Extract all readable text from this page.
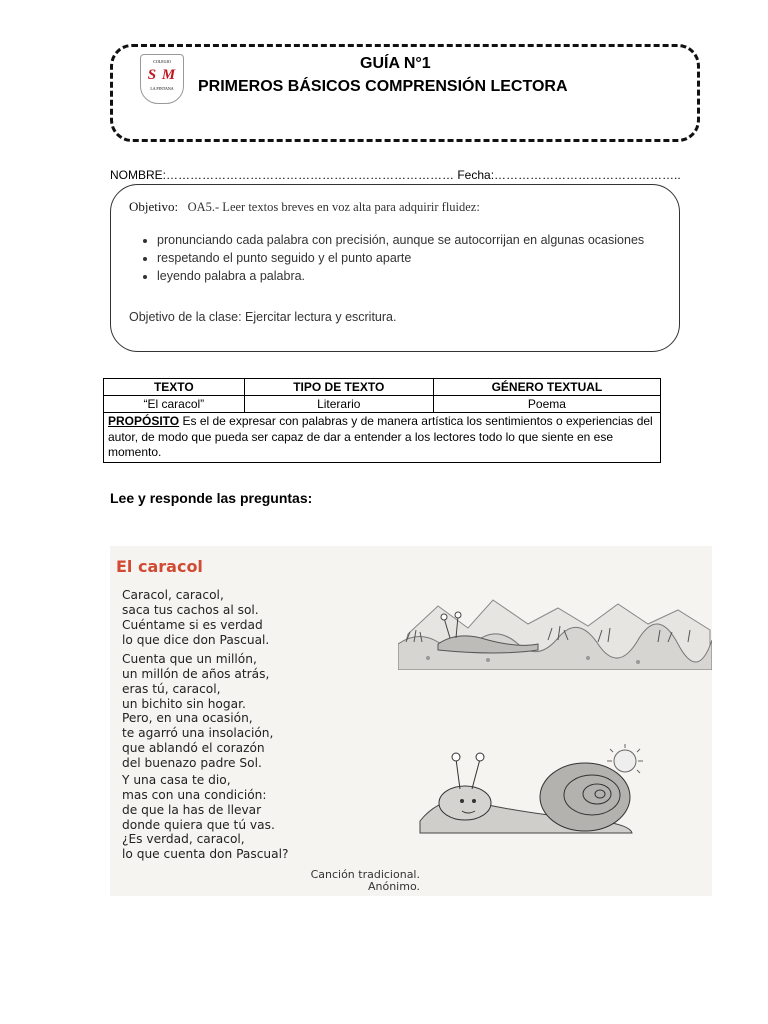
COLEGIO
S M
LA PINTANA
GUÍA N°1
PRIMEROS BÁSICOS COMPRENSIÓN LECTORA
NOMBRE:……………………………………………………………… Fecha:………………………………………..
Objetivo: OA5.- Leer textos breves en voz alta para adquirir fluidez:
• pronunciando cada palabra con precisión, aunque se autocorrijan en algunas ocasiones
• respetando el punto seguido y el punto aparte
• leyendo palabra a palabra.
Objetivo de la clase: Ejercitar lectura y escritura.
TEXTO	TIPO DE TEXTO	GÉNERO TEXTUAL
“El caracol”	Literario	Poema
PROPÓSITO Es el de expresar con palabras y de manera artística los sentimientos o experiencias del autor, de modo que pueda ser capaz de dar a entender a los lectores todo lo que siente en ese momento.		
Lee y responde las preguntas:
El caracol
Caracol, caracol,
saca tus cachos al sol.
Cuéntame si es verdad
lo que dice don Pascual.
Cuenta que un millón,
un millón de años atrás,
eras tú, caracol,
un bichito sin hogar.
Pero, en una ocasión,
te agarró una insolación,
que ablandó el corazón
del buenazo padre Sol.
Y una casa te dio,
mas con una condición:
de que la has de llevar
donde quiera que tú vas.
¿Es verdad, caracol,
lo que cuenta don Pascual?
Canción tradicional.
Anónimo.
